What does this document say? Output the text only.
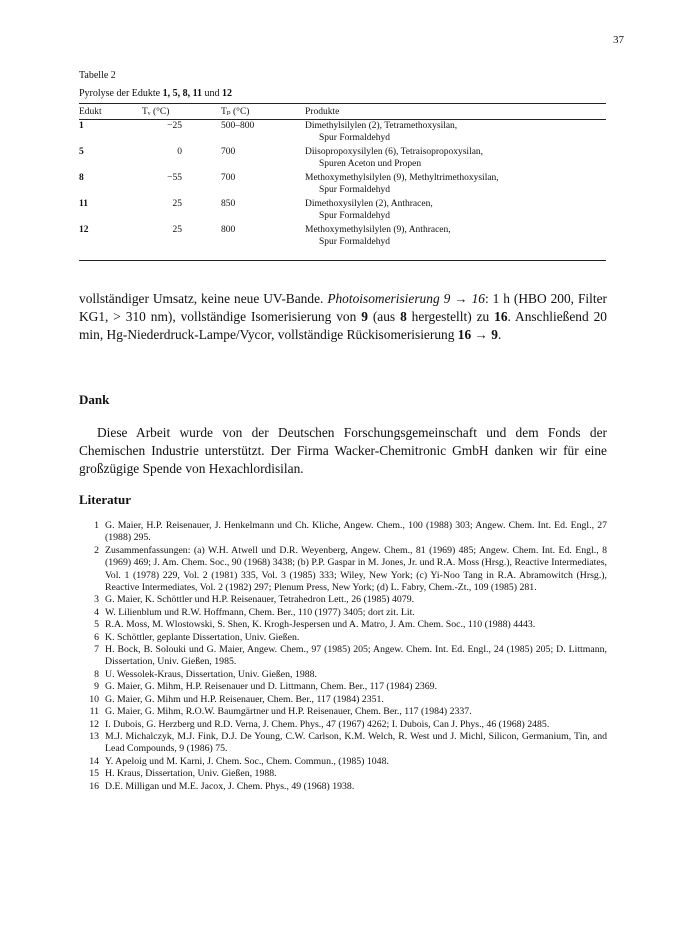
37
Tabelle 2
Pyrolyse der Edukte 1, 5, 8, 11 und 12
Edukt	Tᵥ (°C)	Tₚ (°C)	Produkte
1	−25	500–800	Dimethylsilylen (2), Tetramethoxysilan,
Spur Formaldehyd

5	0	700	Diisopropoxysilylen (6), Tetraisopropoxysilan,
Spuren Aceton und Propen

8	−55	700	Methoxymethylsilylen (9), Methyltrimethoxysilan,
Spur Formaldehyd

11	25	850	Dimethoxysilylen (2), Anthracen,
Spur Formaldehyd

12	25	800	Methoxymethylsilylen (9), Anthracen,
Spur Formaldehyd
vollständiger Umsatz, keine neue UV-Bande. Photoisomerisierung 9 → 16: 1 h (HBO 200, Filter KG1, > 310 nm), vollständige Isomerisierung von 9 (aus 8 hergestellt) zu 16. Anschließend 20 min, Hg-Niederdruck-Lampe/Vycor, vollständige Rückisomerisierung 16 → 9.
Dank
Diese Arbeit wurde von der Deutschen Forschungsgemeinschaft und dem Fonds der Chemischen Industrie unterstützt. Der Firma Wacker-Chemitronic GmbH danken wir für eine großzügige Spende von Hexachlordisilan.
Literatur
1 G. Maier, H.P. Reisenauer, J. Henkelmann und Ch. Kliche, Angew. Chem., 100 (1988) 303; Angew. Chem. Int. Ed. Engl., 27 (1988) 295.
2 Zusammenfassungen: (a) W.H. Atwell und D.R. Weyenberg, Angew. Chem., 81 (1969) 485; Angew. Chem. Int. Ed. Engl., 8 (1969) 469; J. Am. Chem. Soc., 90 (1968) 3438; (b) P.P. Gaspar in M. Jones, Jr. und R.A. Moss (Hrsg.), Reactive Intermediates, Vol. 1 (1978) 229, Vol. 2 (1981) 335, Vol. 3 (1985) 333; Wiley, New York; (c) Yi-Noo Tang in R.A. Abramowitch (Hrsg.), Reactive Intermediates, Vol. 2 (1982) 297; Plenum Press, New York; (d) L. Fabry, Chem.-Zt., 109 (1985) 281.
3 G. Maier, K. Schöttler und H.P. Reisenauer, Tetrahedron Lett., 26 (1985) 4079.
4 W. Lilienblum und R.W. Hoffmann, Chem. Ber., 110 (1977) 3405; dort zit. Lit.
5 R.A. Moss, M. Wlostowski, S. Shen, K. Krogh-Jespersen und A. Matro, J. Am. Chem. Soc., 110 (1988) 4443.
6 K. Schöttler, geplante Dissertation, Univ. Gießen.
7 H. Bock, B. Solouki und G. Maier, Angew. Chem., 97 (1985) 205; Angew. Chem. Int. Ed. Engl., 24 (1985) 205; D. Littmann, Dissertation, Univ. Gießen, 1985.
8 U. Wessolek-Kraus, Dissertation, Univ. Gießen, 1988.
9 G. Maier, G. Mihm, H.P. Reisenauer und D. Littmann, Chem. Ber., 117 (1984) 2369.
10 G. Maier, G. Mihm und H.P. Reisenauer, Chem. Ber., 117 (1984) 2351.
11 G. Maier, G. Mihm, R.O.W. Baumgärtner und H.P. Reisenauer, Chem. Ber., 117 (1984) 2337.
12 I. Dubois, G. Herzberg und R.D. Verna, J. Chem. Phys., 47 (1967) 4262; I. Dubois, Can J. Phys., 46 (1968) 2485.
13 M.J. Michalczyk, M.J. Fink, D.J. De Young, C.W. Carlson, K.M. Welch, R. West und J. Michl, Silicon, Germanium, Tin, and Lead Compounds, 9 (1986) 75.
14 Y. Apeloig und M. Karni, J. Chem. Soc., Chem. Commun., (1985) 1048.
15 H. Kraus, Dissertation, Univ. Gießen, 1988.
16 D.E. Milligan und M.E. Jacox, J. Chem. Phys., 49 (1968) 1938.
